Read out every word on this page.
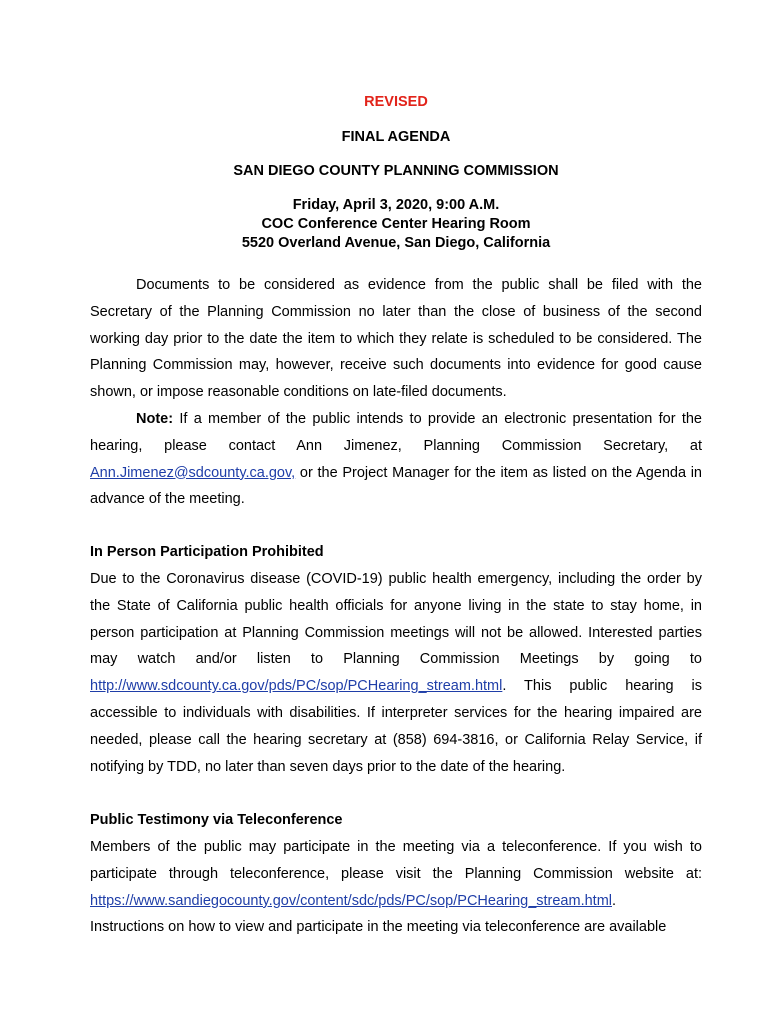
REVISED
FINAL AGENDA
SAN DIEGO COUNTY PLANNING COMMISSION
Friday, April 3, 2020, 9:00 A.M.
COC Conference Center Hearing Room
5520 Overland Avenue, San Diego, California

Documents to be considered as evidence from the public shall be filed with the Secretary of the Planning Commission no later than the close of business of the second working day prior to the date the item to which they relate is scheduled to be considered. The Planning Commission may, however, receive such documents into evidence for good cause shown, or impose reasonable conditions on late-filed documents.

Note: If a member of the public intends to provide an electronic presentation for the hearing, please contact Ann Jimenez, Planning Commission Secretary, at Ann.Jimenez@sdcounty.ca.gov, or the Project Manager for the item as listed on the Agenda in advance of the meeting.

In Person Participation Prohibited

Due to the Coronavirus disease (COVID-19) public health emergency, including the order by the State of California public health officials for anyone living in the state to stay home, in person participation at Planning Commission meetings will not be allowed. Interested parties may watch and/or listen to Planning Commission Meetings by going to http://www.sdcounty.ca.gov/pds/PC/sop/PCHearing_stream.html. This public hearing is accessible to individuals with disabilities. If interpreter services for the hearing impaired are needed, please call the hearing secretary at (858) 694-3816, or California Relay Service, if notifying by TDD, no later than seven days prior to the date of the hearing.

Public Testimony via Teleconference

Members of the public may participate in the meeting via a teleconference. If you wish to participate through teleconference, please visit the Planning Commission website at: https://www.sandiegocounty.gov/content/sdc/pds/PC/sop/PCHearing_stream.html.

Instructions on how to view and participate in the meeting via teleconference are available
